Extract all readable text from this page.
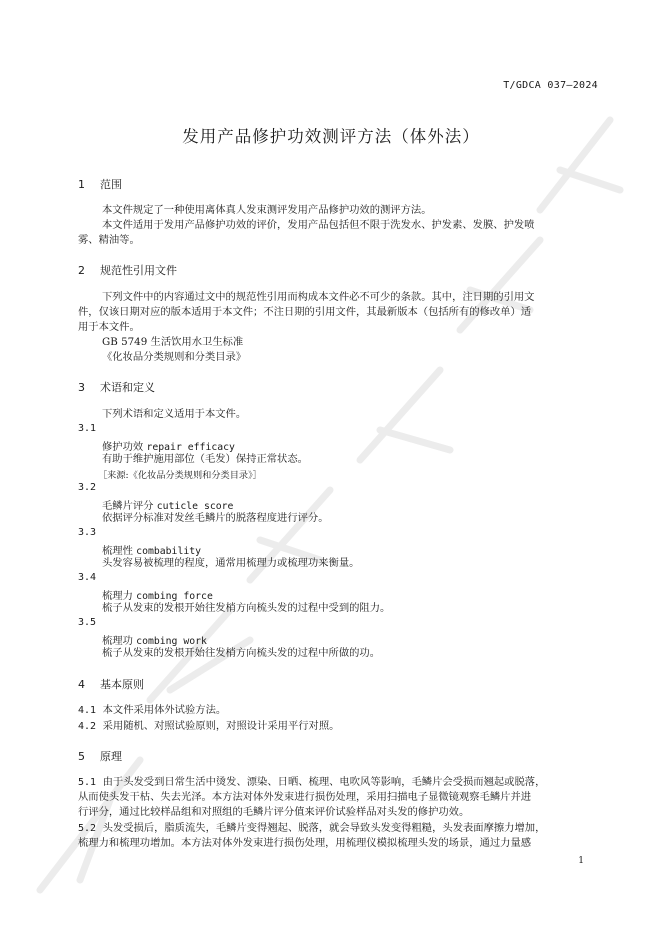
T/GDCA 037—2024
发用产品修护功效测评方法（体外法）
1 范围
本文件规定了一种使用离体真人发束测评发用产品修护功效的测评方法。
本文件适用于发用产品修护功效的评价，发用产品包括但不限于洗发水、护发素、发膜、护发喷
雾、精油等。
2 规范性引用文件
下列文件中的内容通过文中的规范性引用而构成本文件必不可少的条款。其中，注日期的引用文
件，仅该日期对应的版本适用于本文件；不注日期的引用文件，其最新版本（包括所有的修改单）适
用于本文件。
GB 5749 生活饮用水卫生标准
《化妆品分类规则和分类目录》
3 术语和定义
下列术语和定义适用于本文件。
3.1
修护功效 repair efficacy
有助于维护施用部位（毛发）保持正常状态。
［来源:《化妆品分类规则和分类目录》］
3.2
毛鳞片评分 cuticle score
依据评分标准对发丝毛鳞片的脱落程度进行评分。
3.3
梳理性 combability
头发容易被梳理的程度，通常用梳理力或梳理功来衡量。
3.4
梳理力 combing force
梳子从发束的发根开始往发梢方向梳头发的过程中受到的阻力。
3.5
梳理功 combing work
梳子从发束的发根开始往发梢方向梳头发的过程中所做的功。
4 基本原则
4.1 本文件采用体外试验方法。
4.2 采用随机、对照试验原则，对照设计采用平行对照。
5 原理
5.1 由于头发受到日常生活中烫发、漂染、日晒、梳理、电吹风等影响，毛鳞片会受损而翘起或脱落，
从而使头发干枯、失去光泽。本方法对体外发束进行损伤处理，采用扫描电子显微镜观察毛鳞片并进
行评分，通过比较样品组和对照组的毛鳞片评分值来评价试验样品对头发的修护功效。
5.2 头发受损后，脂质流失，毛鳞片变得翘起、脱落，就会导致头发变得粗糙，头发表面摩擦力增加，
梳理力和梳理功增加。本方法对体外发束进行损伤处理，用梳理仪模拟梳理头发的场景，通过力量感
1
